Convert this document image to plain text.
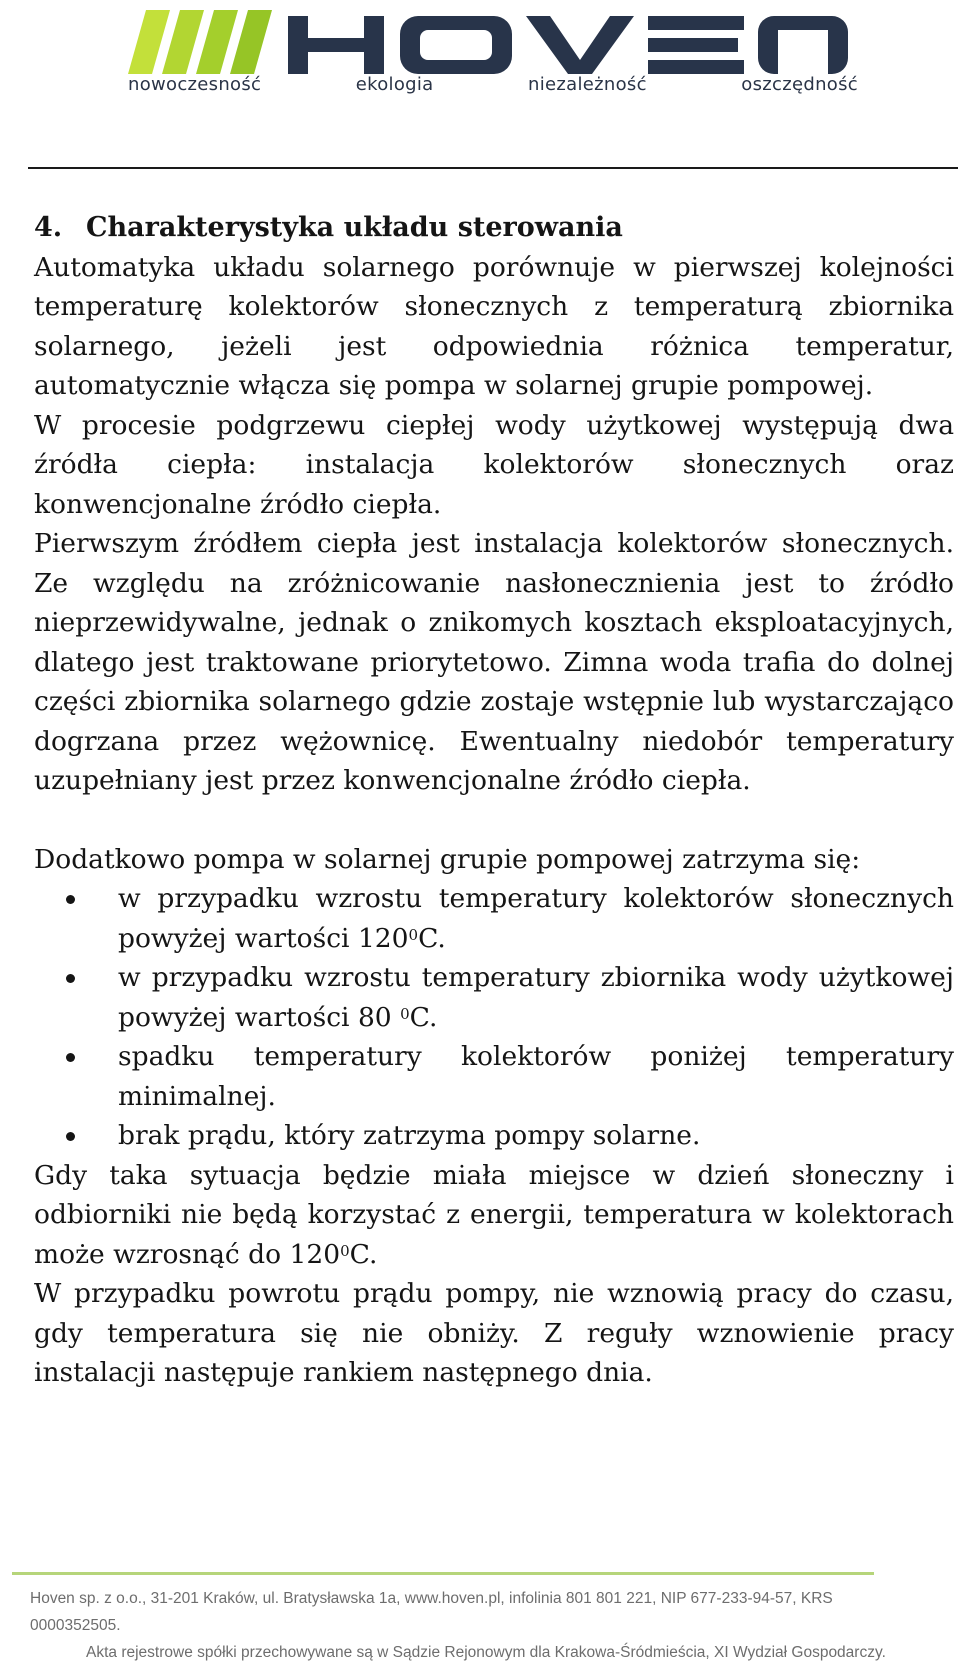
nowoczesność	ekologia	niezależność	oszczędność
4. Charakterystyka układu sterowania

Automatyka układu solarnego porównuje w pierwszej kolejności temperaturę kolektorów słonecznych z temperaturą zbiornika solarnego, jeżeli jest odpowiednia różnica temperatur, automatycznie włącza się pompa w solarnej grupie pompowej.

W procesie podgrzewu ciepłej wody użytkowej występują dwa źródła ciepła: instalacja kolektorów słonecznych oraz konwencjonalne źródło ciepła.

Pierwszym źródłem ciepła jest instalacja kolektorów słonecznych. Ze względu na zróżnicowanie nasłonecznienia jest to źródło nieprzewidywalne, jednak o znikomych kosztach eksploatacyjnych, dlatego jest traktowane priorytetowo. Zimna woda trafia do dolnej części zbiornika solarnego gdzie zostaje wstępnie lub wystarczająco dogrzana przez wężownicę. Ewentualny niedobór temperatury uzupełniany jest przez konwencjonalne źródło ciepła.

Dodatkowo pompa w solarnej grupie pompowej zatrzyma się:

w przypadku wzrostu temperatury kolektorów słonecznych powyżej wartości $120^0C$.
w przypadku wzrostu temperatury zbiornika wody użytkowej powyżej wartości 80 $^0$C.
spadku temperatury kolektorów poniżej temperatury minimalnej.
brak prądu, który zatrzyma pompy solarne.

Gdy taka sytuacja będzie miała miejsce w dzień słoneczny i odbiorniki nie będą korzystać z energii, temperatura w kolektorach może wzrosnąć do $120^0C$.

W przypadku powrotu prądu pompy, nie wznowią pracy do czasu, gdy temperatura się nie obniży. Z reguły wznowienie pracy instalacji następuje rankiem następnego dnia.

Hoven sp. z o.o., 31-201 Kraków, ul. Bratysławska 1a, www.hoven.pl, infolinia 801 801 221, NIP 677-233-94-57, KRS 0000352505.
Akta rejestrowe spółki przechowywane są w Sądzie Rejonowym dla Krakowa-Śródmieścia, XI Wydział Gospodarczy.
